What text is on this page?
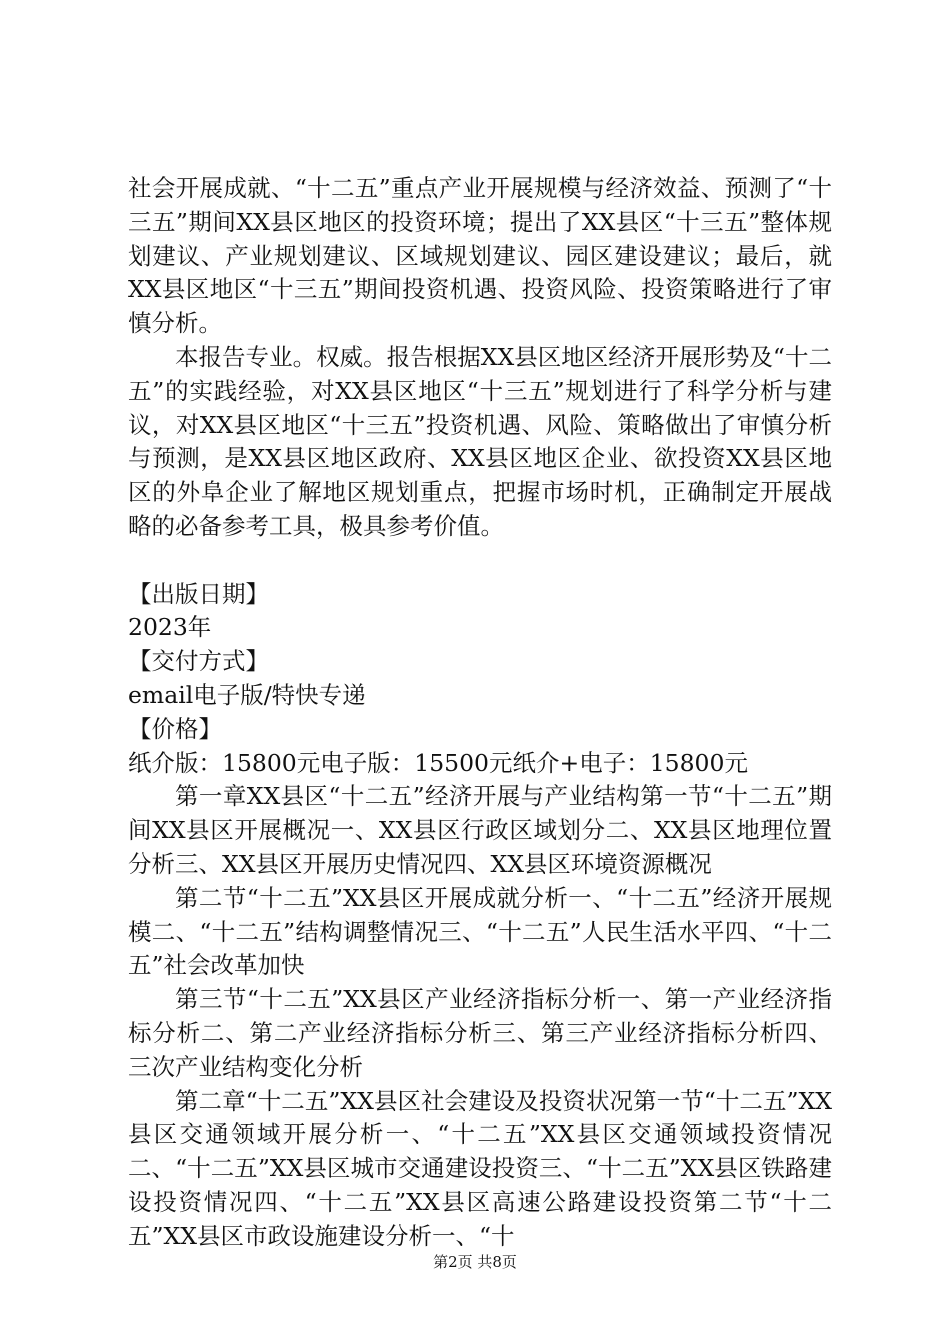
社会开展成就、“十二五”重点产业开展规模与经济效益、预测了“十三五”期间XX县区地区的投资环境；提出了XX县区“十三五”整体规划建议、产业规划建议、区域规划建议、园区建设建议；最后，就XX县区地区“十三五”期间投资机遇、投资风险、投资策略进行了审慎分析。

本报告专业。权威。报告根据XX县区地区经济开展形势及“十二五”的实践经验，对XX县区地区“十三五”规划进行了科学分析与建议，对XX县区地区“十三五”投资机遇、风险、策略做出了审慎分析与预测，是XX县区地区政府、XX县区地区企业、欲投资XX县区地区的外阜企业了解地区规划重点，把握市场时机，正确制定开展战略的必备参考工具，极具参考价值。

【出版日期】

2023年

【交付方式】

email电子版/特快专递

【价格】

纸介版：15800元电子版：15500元纸介+电子：15800元

第一章XX县区“十二五”经济开展与产业结构第一节“十二五”期间XX县区开展概况一、XX县区行政区域划分二、XX县区地理位置分析三、XX县区开展历史情况四、XX县区环境资源概况

第二节“十二五”XX县区开展成就分析一、“十二五”经济开展规模二、“十二五”结构调整情况三、“十二五”人民生活水平四、“十二五”社会改革加快

第三节“十二五”XX县区产业经济指标分析一、第一产业经济指标分析二、第二产业经济指标分析三、第三产业经济指标分析四、三次产业结构变化分析

第二章“十二五”XX县区社会建设及投资状况第一节“十二五”XX县区交通领域开展分析一、“十二五”XX县区交通领域投资情况二、“十二五”XX县区城市交通建设投资三、“十二五”XX县区铁路建设投资情况四、“十二五”XX县区高速公路建设投资第二节“十二五”XX县区市政设施建设分析一、“十

第2页 共8页
